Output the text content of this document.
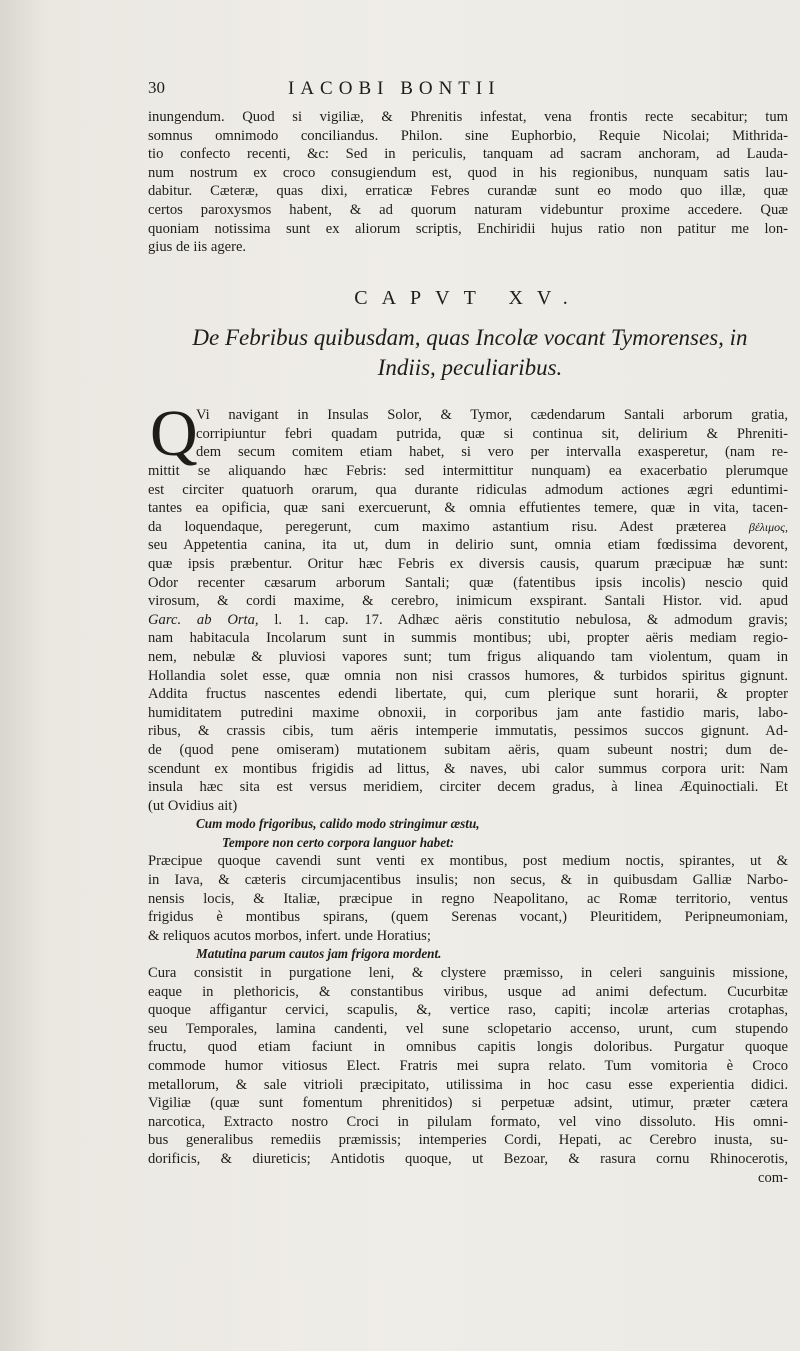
30	IACOBI BONTII
inungendum. Quod si vigiliæ, & Phrenitis infestat, vena frontis recte secabitur; tum
somnus omnimodo conciliandus. Philon. sine Euphorbio, Requie Nicolai; Mithrida-
tio confecto recenti, &c: Sed in periculis, tanquam ad sacram anchoram, ad Lauda-
num nostrum ex croco consugiendum est, quod in his regionibus, nunquam satis lau-
dabitur. Cæteræ, quas dixi, erraticæ Febres curandæ sunt eo modo quo illæ, quæ
certos paroxysmos habent, & ad quorum naturam videbuntur proxime accedere. Quæ
quoniam notissima sunt ex aliorum scriptis, Enchiridii hujus ratio non patitur me lon-
gius de iis agere.
CAPVT XV.
De Febribus quibusdam, quas Incolæ vocant Tymorenses, in
Indiis, peculiaribus.
Q
Vi navigant in Insulas Solor, & Tymor, cædendarum Santali arborum gratia,
corripiuntur febri quadam putrida, quæ si continua sit, delirium & Phreniti-
dem secum comitem etiam habet, si vero per intervalla exasperetur, (nam re-
mittit se aliquando hæc Febris: sed intermittitur nunquam) ea exacerbatio plerumque
est circiter quatuorh orarum, qua durante ridiculas admodum actiones ægri eduntimi-
tantes ea opificia, quæ sani exercuerunt, & omnia effutientes temere, quæ in vita, tacen-
da loquendaque, peregerunt, cum maximo astantium risu. Adest præterea βέλιμος,
seu Appetentia canina, ita ut, dum in delirio sunt, omnia etiam fœdissima devorent,
quæ ipsis præbentur. Oritur hæc Febris ex diversis causis, quarum præcipuæ hæ sunt:
Odor recenter cæsarum arborum Santali; quæ (fatentibus ipsis incolis) nescio quid
virosum, & cordi maxime, & cerebro, inimicum exspirant. Santali Histor. vid. apud
Garc. ab Orta, l. 1. cap. 17. Adhæc aëris constitutio nebulosa, & admodum gravis;
nam habitacula Incolarum sunt in summis montibus; ubi, propter aëris mediam regio-
nem, nebulæ & pluviosi vapores sunt; tum frigus aliquando tam violentum, quam in
Hollandia solet esse, quæ omnia non nisi crassos humores, & turbidos spiritus gignunt.
Addita fructus nascentes edendi libertate, qui, cum plerique sunt horarii, & propter
humiditatem putredini maxime obnoxii, in corporibus jam ante fastidio maris, labo-
ribus, & crassis cibis, tum aëris intemperie immutatis, pessimos succos gignunt. Ad-
de (quod pene omiseram) mutationem subitam aëris, quam subeunt nostri; dum de-
scendunt ex montibus frigidis ad littus, & naves, ubi calor summus corpora urit: Nam
insula hæc sita est versus meridiem, circiter decem gradus, à linea Æquinoctiali. Et
(ut Ovidius ait)
Cum modo frigoribus, calido modo stringimur æstu,
Tempore non certo corpora languor habet:
Præcipue quoque cavendi sunt venti ex montibus, post medium noctis, spirantes, ut &
in Iava, & cæteris circumjacentibus insulis; non secus, & in quibusdam Galliæ Narbo-
nensis locis, & Italiæ, præcipue in regno Neapolitano, ac Romæ territorio, ventus
frigidus è montibus spirans, (quem Serenas vocant,) Pleuritidem, Peripneumoniam,
& reliquos acutos morbos, infert. unde Horatius;
Matutina parum cautos jam frigora mordent.
Cura consistit in purgatione leni, & clystere præmisso, in celeri sanguinis missione,
eaque in plethoricis, & constantibus viribus, usque ad animi defectum. Cucurbitæ
quoque affigantur cervici, scapulis, &, vertice raso, capiti; incolæ arterias crotaphas,
seu Temporales, lamina candenti, vel sune sclopetario accenso, urunt, cum stupendo
fructu, quod etiam faciunt in omnibus capitis longis doloribus. Purgatur quoque
commode humor vitiosus Elect. Fratris mei supra relato. Tum vomitoria è Croco
metallorum, & sale vitrioli præcipitato, utilissima in hoc casu esse experientia didici.
Vigiliæ (quæ sunt fomentum phrenitidos) si perpetuæ adsint, utimur, præter cætera
narcotica, Extracto nostro Croci in pilulam formato, vel vino dissoluto. His omni-
bus generalibus remediis præmissis; intemperies Cordi, Hepati, ac Cerebro inusta, su-
dorificis, & diureticis; Antidotis quoque, ut Bezoar, & rasura cornu Rhinocerotis,
com-
